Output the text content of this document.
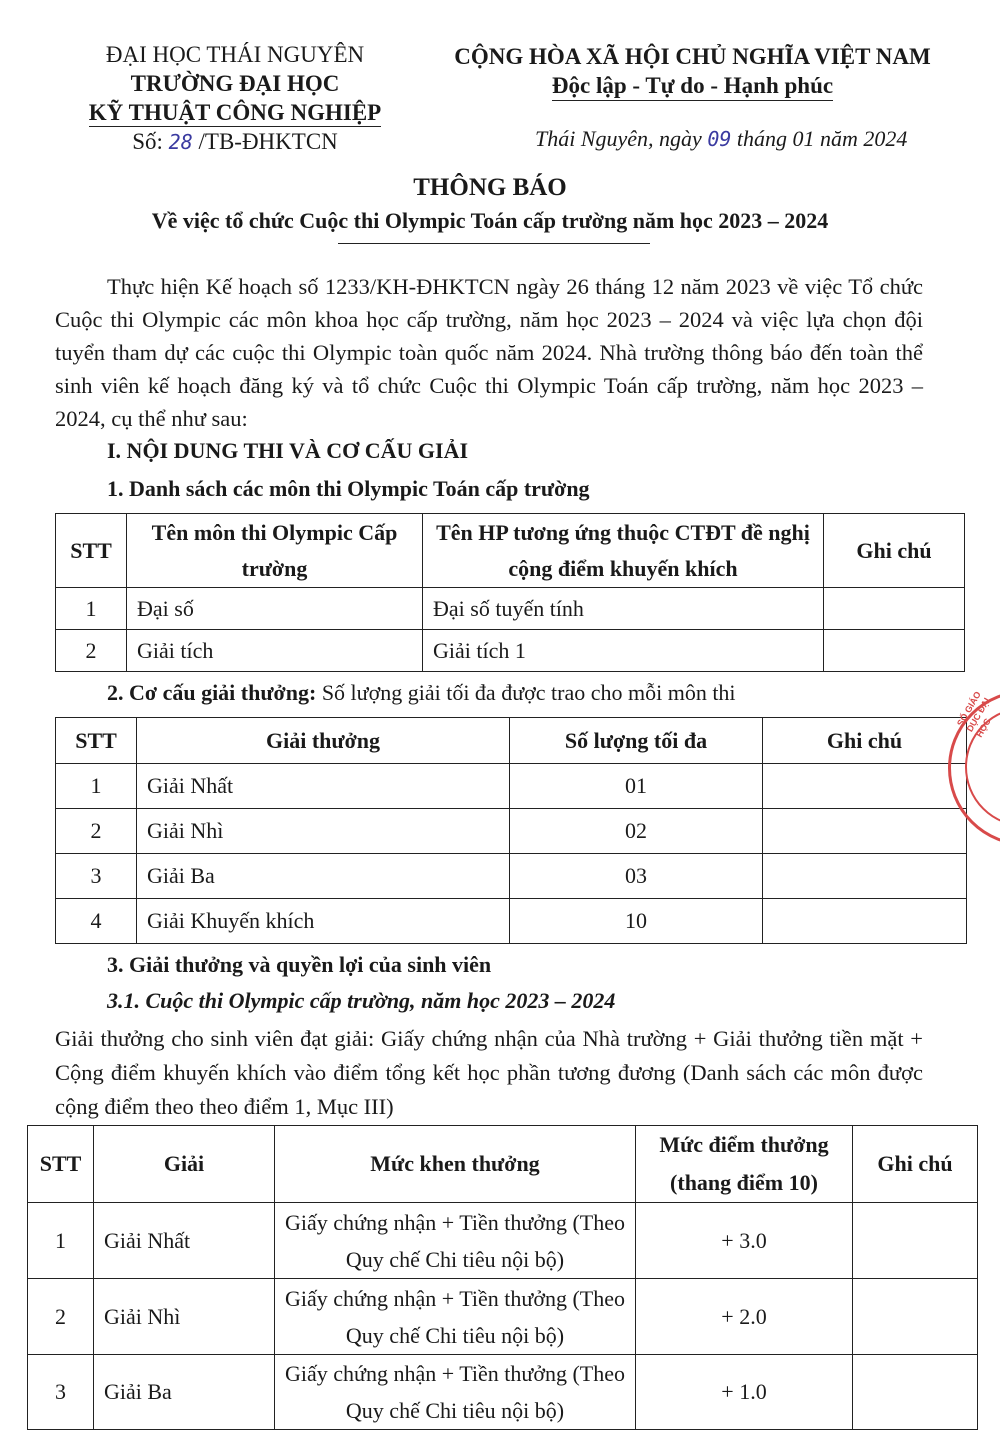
ĐẠI HỌC THÁI NGUYÊN
TRƯỜNG ĐẠI HỌC
KỸ THUẬT CÔNG NGHIỆP
Số: 28 /TB-ĐHKTCN
CỘNG HÒA XÃ HỘI CHỦ NGHĨA VIỆT NAM
Độc lập - Tự do - Hạnh phúc
Thái Nguyên, ngày 09 tháng 01 năm 2024
THÔNG BÁO
Về việc tổ chức Cuộc thi Olympic Toán cấp trường năm học 2023 – 2024
Thực hiện Kế hoạch số 1233/KH-ĐHKTCN ngày 26 tháng 12 năm 2023 về việc Tổ chức Cuộc thi Olympic các môn khoa học cấp trường, năm học 2023 – 2024 và việc lựa chọn đội tuyển tham dự các cuộc thi Olympic toàn quốc năm 2024. Nhà trường thông báo đến toàn thể sinh viên kế hoạch đăng ký và tổ chức Cuộc thi Olympic Toán cấp trường, năm học 2023 – 2024, cụ thể như sau:
I. NỘI DUNG THI VÀ CƠ CẤU GIẢI
1. Danh sách các môn thi Olympic Toán cấp trường
STT	Tên môn thi Olympic Cấp trường	Tên HP tương ứng thuộc CTĐT đề nghị cộng điểm khuyến khích	Ghi chú
1	Đại số	Đại số tuyến tính	
2	Giải tích	Giải tích 1	
2. Cơ cấu giải thưởng: Số lượng giải tối đa được trao cho mỗi môn thi
STT	Giải thưởng	Số lượng tối đa	Ghi chú
1	Giải Nhất	01	
2	Giải Nhì	02	
3	Giải Ba	03	
4	Giải Khuyến khích	10	
SỐ GIÁO DỤC ĐẠI HỌC
3. Giải thưởng và quyền lợi của sinh viên
3.1. Cuộc thi Olympic cấp trường, năm học 2023 – 2024
Giải thưởng cho sinh viên đạt giải: Giấy chứng nhận của Nhà trường + Giải thưởng tiền mặt + Cộng điểm khuyến khích vào điểm tổng kết học phần tương đương (Danh sách các môn được cộng điểm theo theo điểm 1, Mục III)
STT	Giải	Mức khen thưởng	Mức điểm thưởng (thang điểm 10)	Ghi chú
1	Giải Nhất	Giấy chứng nhận + Tiền thưởng (Theo Quy chế Chi tiêu nội bộ)	+ 3.0	
2	Giải Nhì	Giấy chứng nhận + Tiền thưởng (Theo Quy chế Chi tiêu nội bộ)	+ 2.0	
3	Giải Ba	Giấy chứng nhận + Tiền thưởng (Theo Quy chế Chi tiêu nội bộ)	+ 1.0	
